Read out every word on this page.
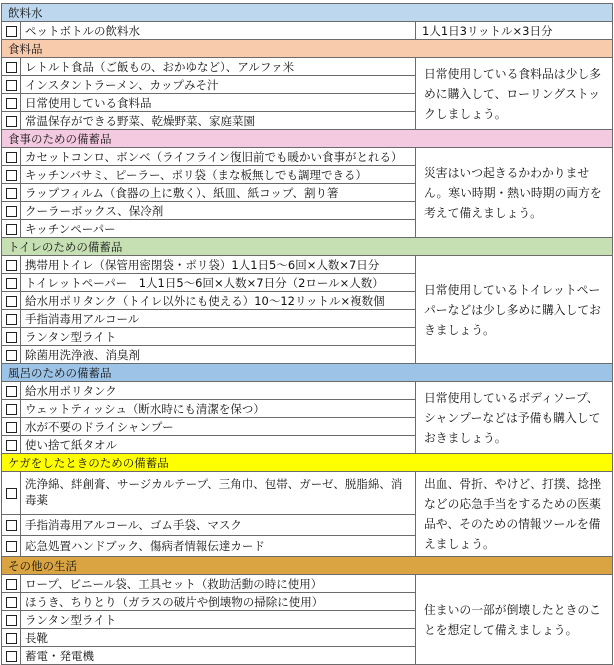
飲料水		
	ペットボトルの飲料水	1人1日3リットル×3日分
食料品		
	レトルト食品（ご飯もの、おかゆなど）、アルファ米	日常使用している食料品は少し多めに購入して、ローリングストックしましょう。
	インスタントラーメン、カップみそ汁	
	日常使用している食料品	
	常温保存ができる野菜、乾燥野菜、家庭菜園	
食事のための備蓄品		
	カセットコンロ、ボンベ（ライフライン復旧前でも暖かい食事がとれる）	災害はいつ起きるかわかりません。寒い時期・熱い時期の両方を考えて備えましょう。
	キッチンバサミ、ピーラー、ポリ袋（まな板無しでも調理できる）	
	ラップフィルム（食器の上に敷く）、紙皿、紙コップ、割り箸	
	クーラーボックス、保冷剤	
	キッチンペーパー	
トイレのための備蓄品		
	携帯用トイレ（保管用密閉袋・ポリ袋）1人1日5～6回×人数×7日分	日常使用しているトイレットペーパーなどは少し多めに購入しておきましょう。
	トイレットペーパー　1人1日5～6回×人数×7日分（2ロール×人数）	
	給水用ポリタンク（トイレ以外にも使える）10～12リットル×複数個	
	手指消毒用アルコール	
	ランタン型ライト	
	除菌用洗浄液、消臭剤	
風呂のための備蓄品		
	給水用ポリタンク	日常使用しているボディソープ、シャンプーなどは予備も購入しておきましょう。
	ウェットティッシュ（断水時にも清潔を保つ）	
	水が不要のドライシャンプー	
	使い捨て紙タオル	
ケガをしたときのための備蓄品		
	洗浄綿、絆創膏、サージカルテープ、三角巾、包帯、ガーゼ、脱脂綿、消毒薬	出血、骨折、やけど、打撲、捻挫などの応急手当をするための医薬品や、そのための情報ツールを備えましょう。
	手指消毒用アルコール、ゴム手袋、マスク	
	応急処置ハンドブック、傷病者情報伝達カード	
その他の生活		
	ロープ、ビニール袋、工具セット（救助活動の時に使用）	住まいの一部が倒壊したときのことを想定して備えましょう。
	ほうき、ちりとり（ガラスの破片や倒壊物の掃除に使用）	
	ランタン型ライト	
	長靴	
	蓄電・発電機	
